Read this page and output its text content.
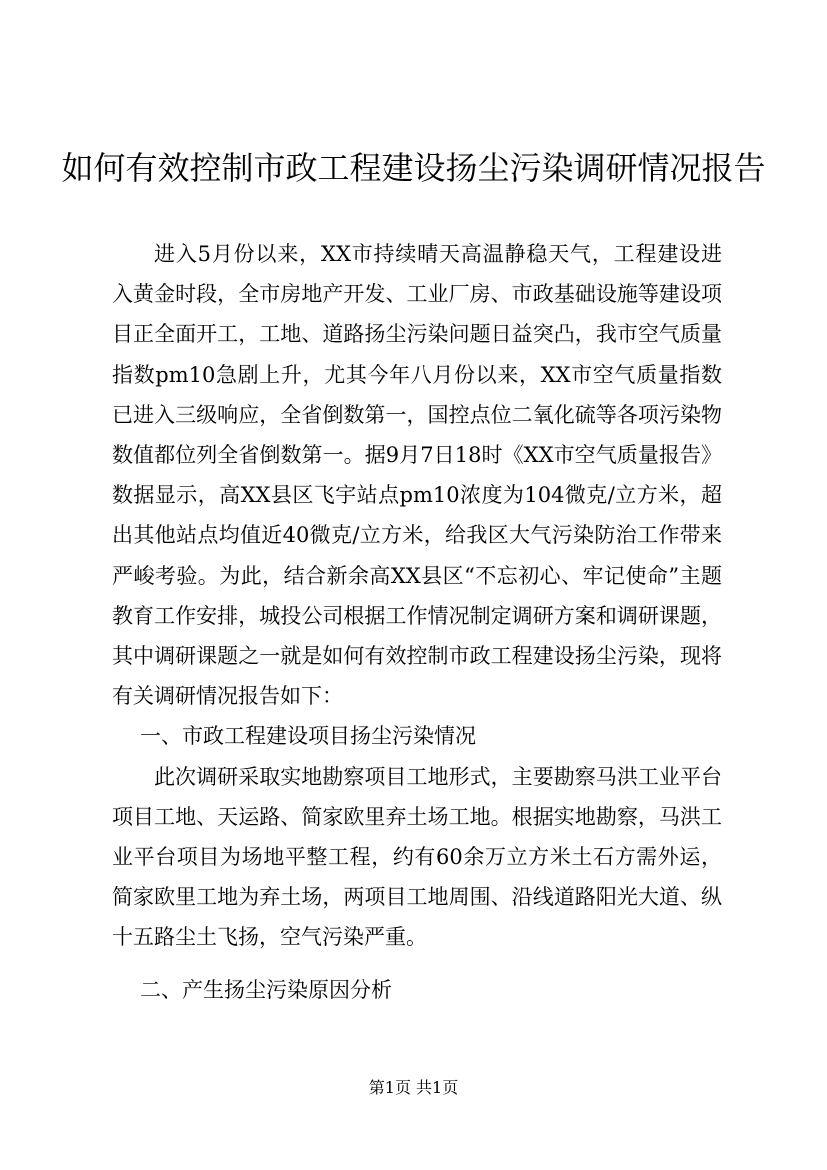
如何有效控制市政工程建设扬尘污染调研情况报告

进入5月份以来，XX市持续晴天高温静稳天气，工程建设进入黄金时段，全市房地产开发、工业厂房、市政基础设施等建设项目正全面开工，工地、道路扬尘污染问题日益突凸，我市空气质量指数pm10急剧上升，尤其今年八月份以来，XX市空气质量指数已进入三级响应，全省倒数第一，国控点位二氧化硫等各项污染物数值都位列全省倒数第一。据9月7日18时《XX市空气质量报告》数据显示，高XX县区飞宇站点pm10浓度为104微克/立方米，超出其他站点均值近40微克/立方米，给我区大气污染防治工作带来严峻考验。为此，结合新余高XX县区“不忘初心、牢记使命”主题教育工作安排，城投公司根据工作情况制定调研方案和调研课题，其中调研课题之一就是如何有效控制市政工程建设扬尘污染，现将有关调研情况报告如下：

一、市政工程建设项目扬尘污染情况

此次调研采取实地勘察项目工地形式，主要勘察马洪工业平台项目工地、天运路、简家欧里弃土场工地。根据实地勘察，马洪工业平台项目为场地平整工程，约有60余万立方米土石方需外运，简家欧里工地为弃土场，两项目工地周围、沿线道路阳光大道、纵十五路尘土飞扬，空气污染严重。

二、产生扬尘污染原因分析

第1页 共1页
